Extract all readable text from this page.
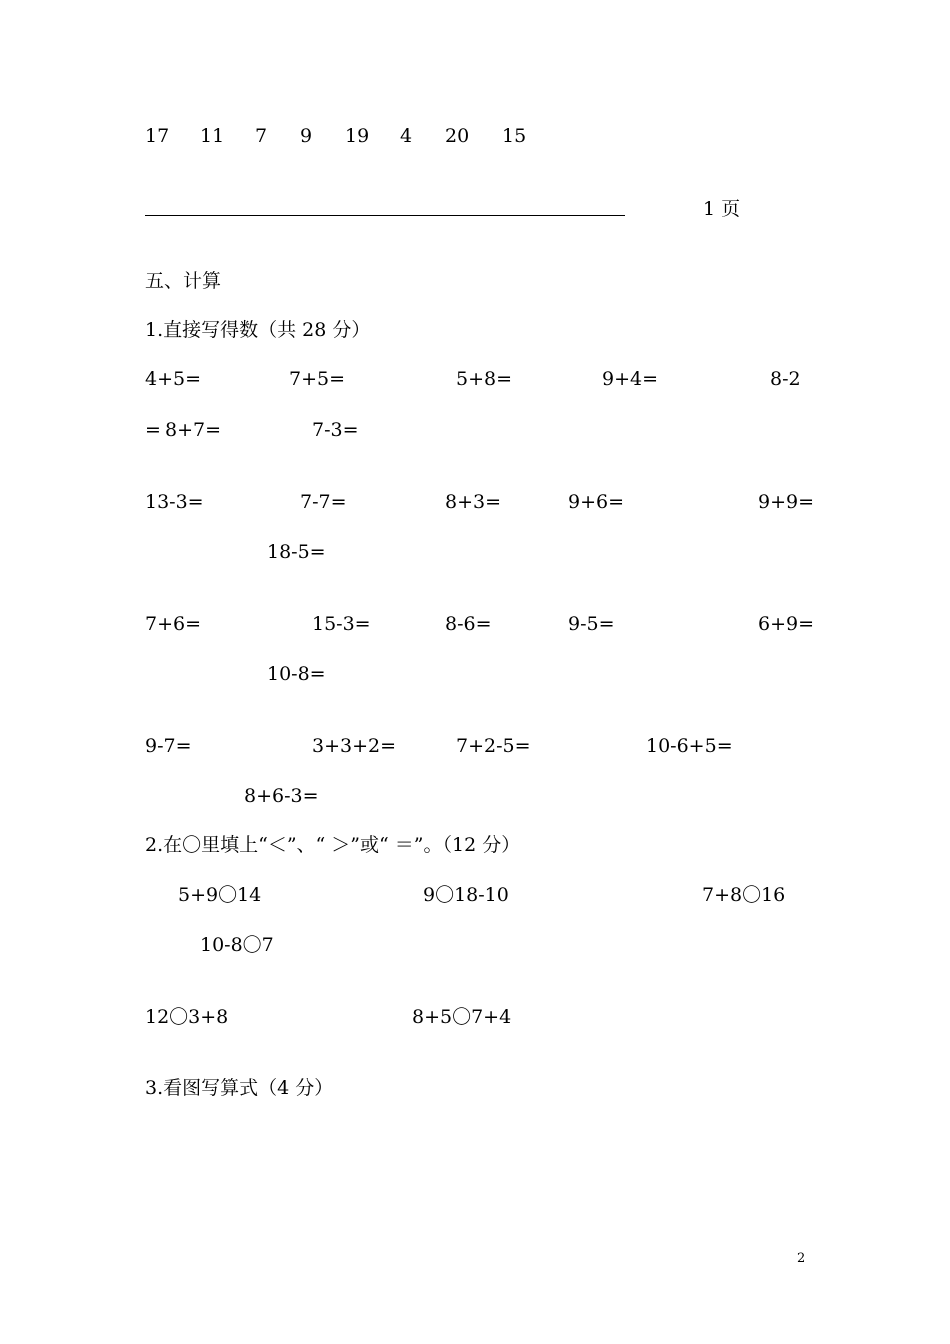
17 11 7 9 19 4 20 15
1 页
五、计算
1.直接写得数（共 28 分）
4+5=	7+5=	5+8=	9+4=	8-2
= 8+7=	7-3=
13-3=	7-7=	8+3=	9+6=	9+9=
18-5=
7+6=	15-3=	8-6=	9-5=	6+9=
10-8=
9-7=	3+3+2=	7+2-5=	10-6+5=
8+6-3=
2.在〇里填上“＜”、“ ＞”或“ ＝”。（12 分）
5+9〇14	9〇18-10	7+8〇16
10-8〇7
12〇3+8	8+5〇7+4
3.看图写算式（4 分）
2
